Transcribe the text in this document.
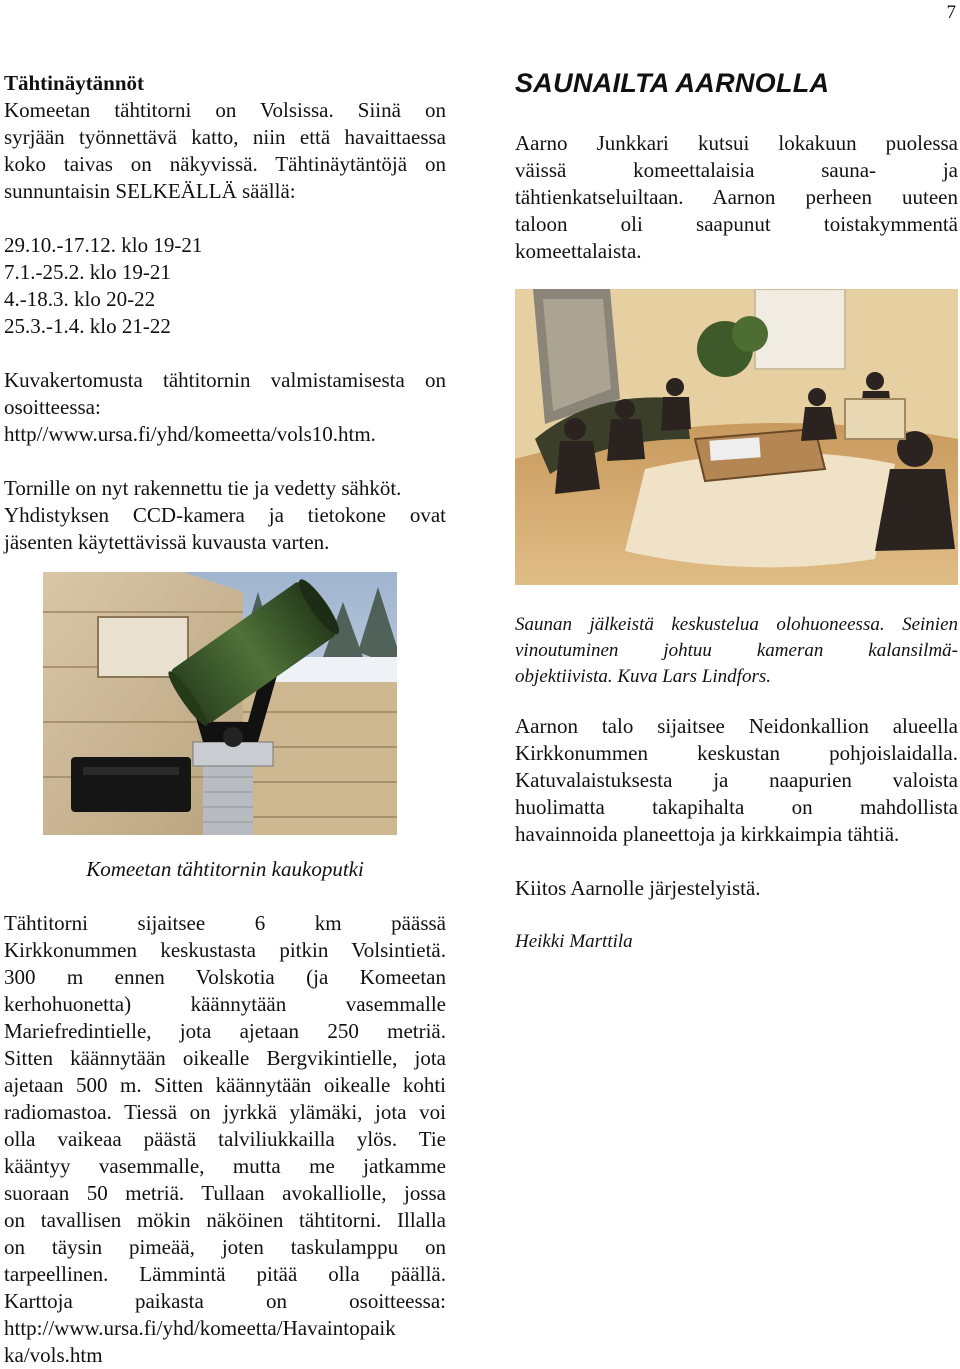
7
Tähtinäytännöt
Komeetan tähtitorni on Volsissa. Siinä on
syrjään työnnettävä katto, niin että havaittaessa
koko taivas on näkyvissä. Tähtinäytäntöjä on
sunnuntaisin SELKEÄLLÄ säällä:
29.10.-17.12. klo 19-21
7.1.-25.2. klo 19-21
4.-18.3. klo 20-22
25.3.-1.4. klo 21-22
Kuvakertomusta tähtitornin valmistamisesta on
osoitteessa:
http//www.ursa.fi/yhd/komeetta/vols10.htm.
Tornille on nyt rakennettu tie ja vedetty sähköt.
Yhdistyksen CCD-kamera ja tietokone ovat
jäsenten käytettävissä kuvausta varten.
Komeetan tähtitornin kaukoputki
Tähtitorni sijaitsee 6 km päässä
Kirkkonummen keskustasta pitkin Volsintietä.
300 m ennen Volskotia (ja Komeetan
kerhohuonetta) käännytään vasemmalle
Mariefredintielle, jota ajetaan 250 metriä.
Sitten käännytään oikealle Bergvikintielle, jota
ajetaan 500 m. Sitten käännytään oikealle kohti
radiomastoa. Tiessä on jyrkkä ylämäki, jota voi
olla vaikeaa päästä talviliukkailla ylös. Tie
kääntyy vasemmalle, mutta me jatkamme
suoraan 50 metriä. Tullaan avokalliolle, jossa
on tavallisen mökin näköinen tähtitorni. Illalla
on täysin pimeää, joten taskulamppu on
tarpeellinen. Lämmintä pitää olla päällä.
Karttoja paikasta on osoitteessa:
http://www.ursa.fi/yhd/komeetta/Havaintopaik
ka/vols.htm
SAUNAILTA AARNOLLA
Aarno Junkkari kutsui lokakuun puolessa
väissä komeettalaisia sauna- ja
tähtienkatseluiltaan. Aarnon perheen uuteen
taloon oli saapunut toistakymmentä
komeettalaista.
Saunan jälkeistä keskustelua olohuoneessa. Seinien
vinoutuminen johtuu kameran kalansilmä-
objektiivista. Kuva Lars Lindfors.
Aarnon talo sijaitsee Neidonkallion alueella
Kirkkonummen keskustan pohjoislaidalla.
Katuvalaistuksesta ja naapurien valoista
huolimatta takapihalta on mahdollista
havainnoida planeettoja ja kirkkaimpia tähtiä.
Kiitos Aarnolle järjestelyistä.
Heikki Marttila
